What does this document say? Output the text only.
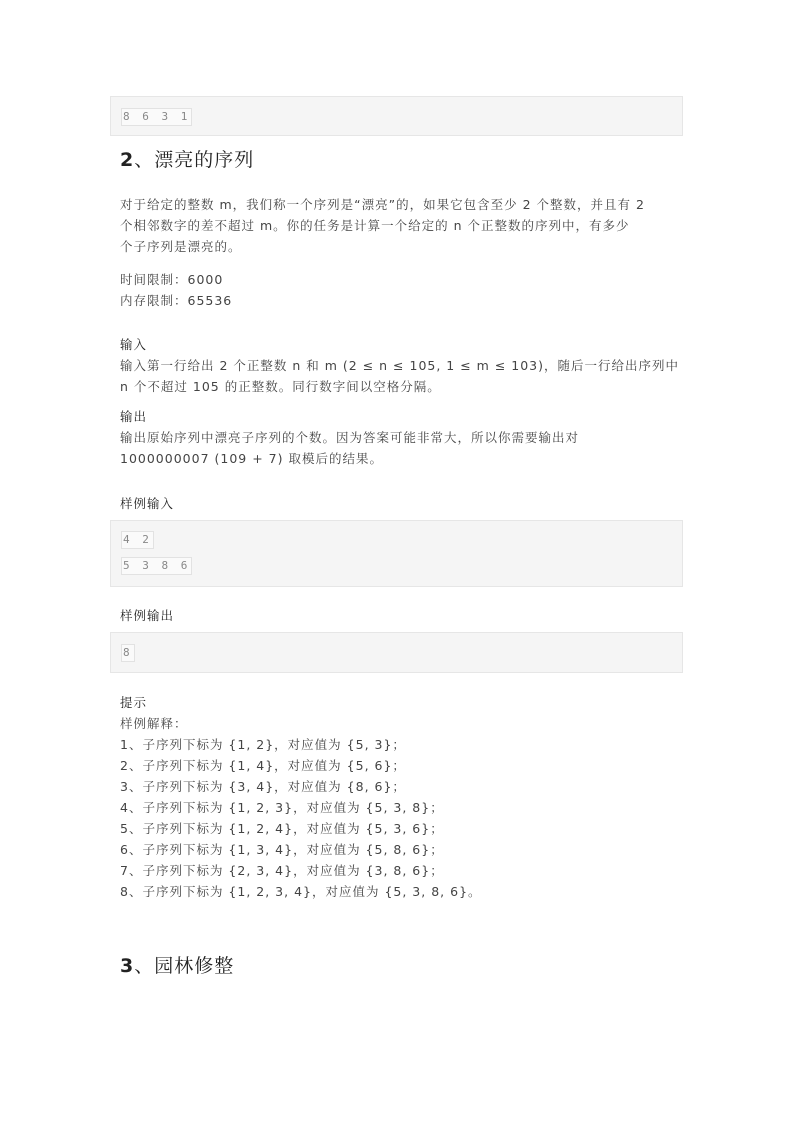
8 6 3 1
2、漂亮的序列
对于给定的整数 m，我们称一个序列是“漂亮”的，如果它包含至少 2 个整数，并且有 2
个相邻数字的差不超过 m。你的任务是计算一个给定的 n 个正整数的序列中，有多少
个子序列是漂亮的。
时间限制：6000
内存限制：65536
输入
输入第一行给出 2 个正整数 n 和 m (2 ≤ n ≤ 105, 1 ≤ m ≤ 103)，随后一行给出序列中
n 个不超过 105 的正整数。同行数字间以空格分隔。
输出
输出原始序列中漂亮子序列的个数。因为答案可能非常大，所以你需要输出对
1000000007 (109 + 7) 取模后的结果。
样例输入
4 2
5 3 8 6
样例输出
8
提示
样例解释：
1、子序列下标为 {1, 2}，对应值为 {5, 3}；
2、子序列下标为 {1, 4}，对应值为 {5, 6}；
3、子序列下标为 {3, 4}，对应值为 {8, 6}；
4、子序列下标为 {1, 2, 3}，对应值为 {5, 3, 8}；
5、子序列下标为 {1, 2, 4}，对应值为 {5, 3, 6}；
6、子序列下标为 {1, 3, 4}，对应值为 {5, 8, 6}；
7、子序列下标为 {2, 3, 4}，对应值为 {3, 8, 6}；
8、子序列下标为 {1, 2, 3, 4}，对应值为 {5, 3, 8, 6}。
3、园林修整
